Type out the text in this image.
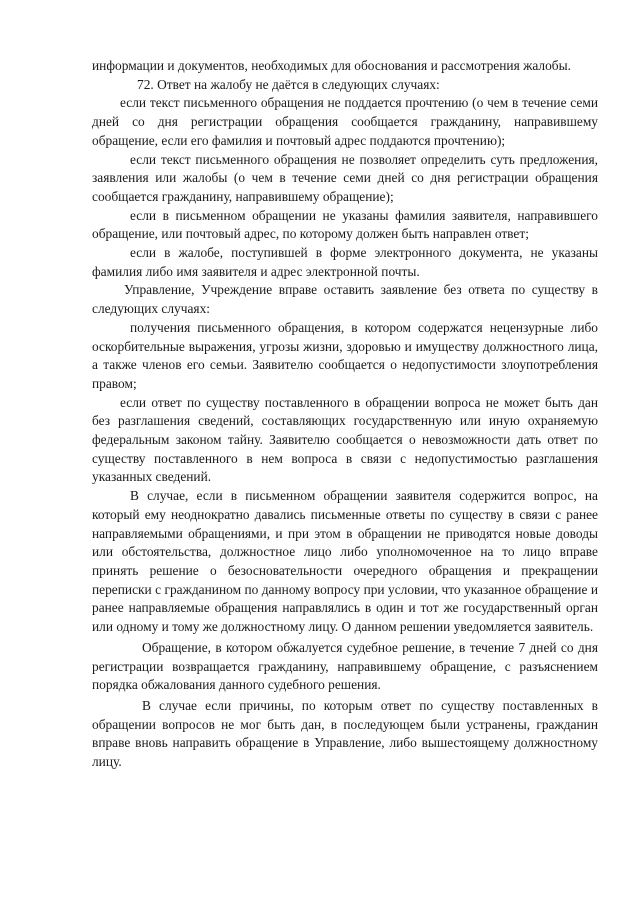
информации и документов, необходимых для обоснования и рассмотрения жалобы.

72. Ответ на жалобу не даётся в следующих случаях:

если текст письменного обращения не поддается прочтению (о чем в течение семи дней со дня регистрации обращения сообщается гражданину, направившему обращение, если его фамилия и почтовый адрес поддаются прочтению);

если текст письменного обращения не позволяет определить суть предложения, заявления или жалобы (о чем в течение семи дней со дня регистрации обращения сообщается гражданину, направившему обращение);

если в письменном обращении не указаны фамилия заявителя, направившего обращение, или почтовый адрес, по которому должен быть направлен ответ;

если в жалобе, поступившей в форме электронного документа, не указаны фамилия либо имя заявителя и адрес электронной почты.

Управление, Учреждение вправе оставить заявление без ответа по существу в следующих случаях:

получения письменного обращения, в котором содержатся нецензурные либо оскорбительные выражения, угрозы жизни, здоровью и имуществу должностного лица, а также членов его семьи. Заявителю сообщается о недопустимости злоупотребления правом;

если ответ по существу поставленного в обращении вопроса не может быть дан без разглашения сведений, составляющих государственную или иную охраняемую федеральным законом тайну. Заявителю сообщается о невозможности дать ответ по существу поставленного в нем вопроса в связи с недопустимостью разглашения указанных сведений.

В случае, если в письменном обращении заявителя содержится вопрос, на который ему неоднократно давались письменные ответы по существу в связи с ранее направляемыми обращениями, и при этом в обращении не приводятся новые доводы или обстоятельства, должностное лицо либо уполномоченное на то лицо вправе принять решение о безосновательности очередного обращения и прекращении переписки с гражданином по данному вопросу при условии, что указанное обращение и ранее направляемые обращения направлялись в один и тот же государственный орган или одному и тому же должностному лицу. О данном решении уведомляется заявитель.

Обращение, в котором обжалуется судебное решение, в течение 7 дней со дня регистрации возвращается гражданину, направившему обращение, с разъяснением порядка обжалования данного судебного решения.

В случае если причины, по которым ответ по существу поставленных в обращении вопросов не мог быть дан, в последующем были устранены, гражданин вправе вновь направить обращение в Управление, либо вышестоящему должностному лицу.
